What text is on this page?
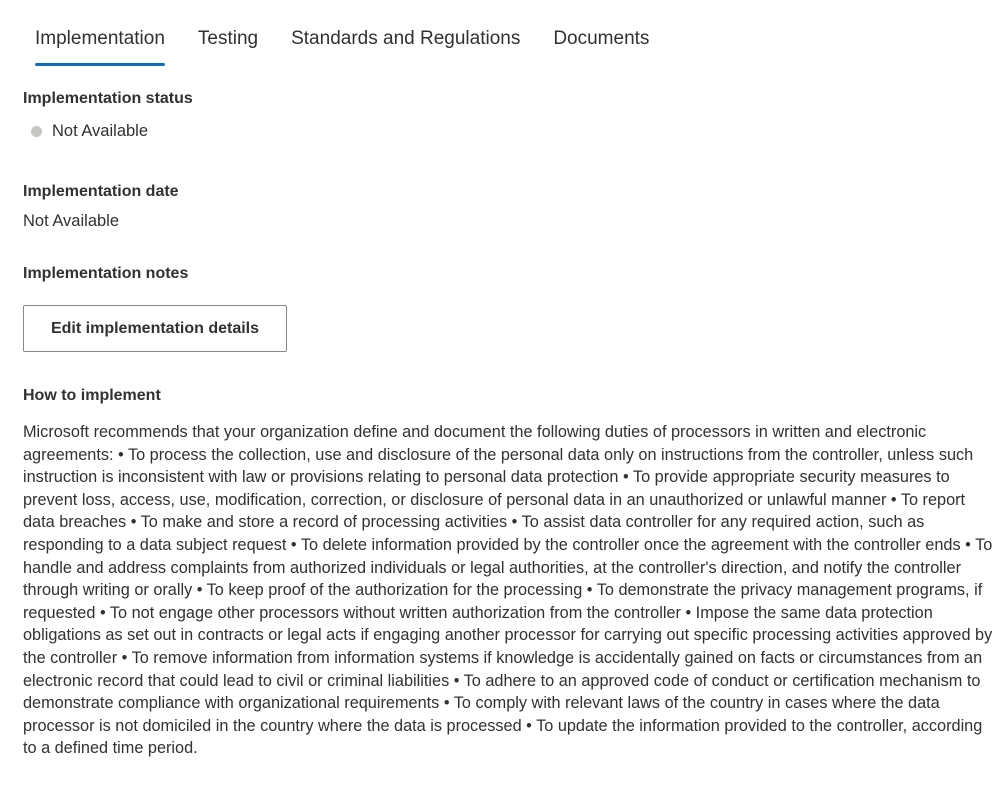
Implementation Testing Standards and Regulations Documents
Implementation status
Not Available
Implementation date
Not Available
Implementation notes
Edit implementation details
How to implement

Microsoft recommends that your organization define and document the following duties of processors in written and electronic agreements: • To process the collection, use and disclosure of the personal data only on instructions from the controller, unless such instruction is inconsistent with law or provisions relating to personal data protection • To provide appropriate security measures to prevent loss, access, use, modification, correction, or disclosure of personal data in an unauthorized or unlawful manner • To report data breaches • To make and store a record of processing activities • To assist data controller for any required action, such as responding to a data subject request • To delete information provided by the controller once the agreement with the controller ends • To handle and address complaints from authorized individuals or legal authorities, at the controller's direction, and notify the controller through writing or orally • To keep proof of the authorization for the processing • To demonstrate the privacy management programs, if requested • To not engage other processors without written authorization from the controller • Impose the same data protection obligations as set out in contracts or legal acts if engaging another processor for carrying out specific processing activities approved by the controller • To remove information from information systems if knowledge is accidentally gained on facts or circumstances from an electronic record that could lead to civil or criminal liabilities • To adhere to an approved code of conduct or certification mechanism to demonstrate compliance with organizational requirements • To comply with relevant laws of the country in cases where the data processor is not domiciled in the country where the data is processed • To update the information provided to the controller, according to a defined time period.
